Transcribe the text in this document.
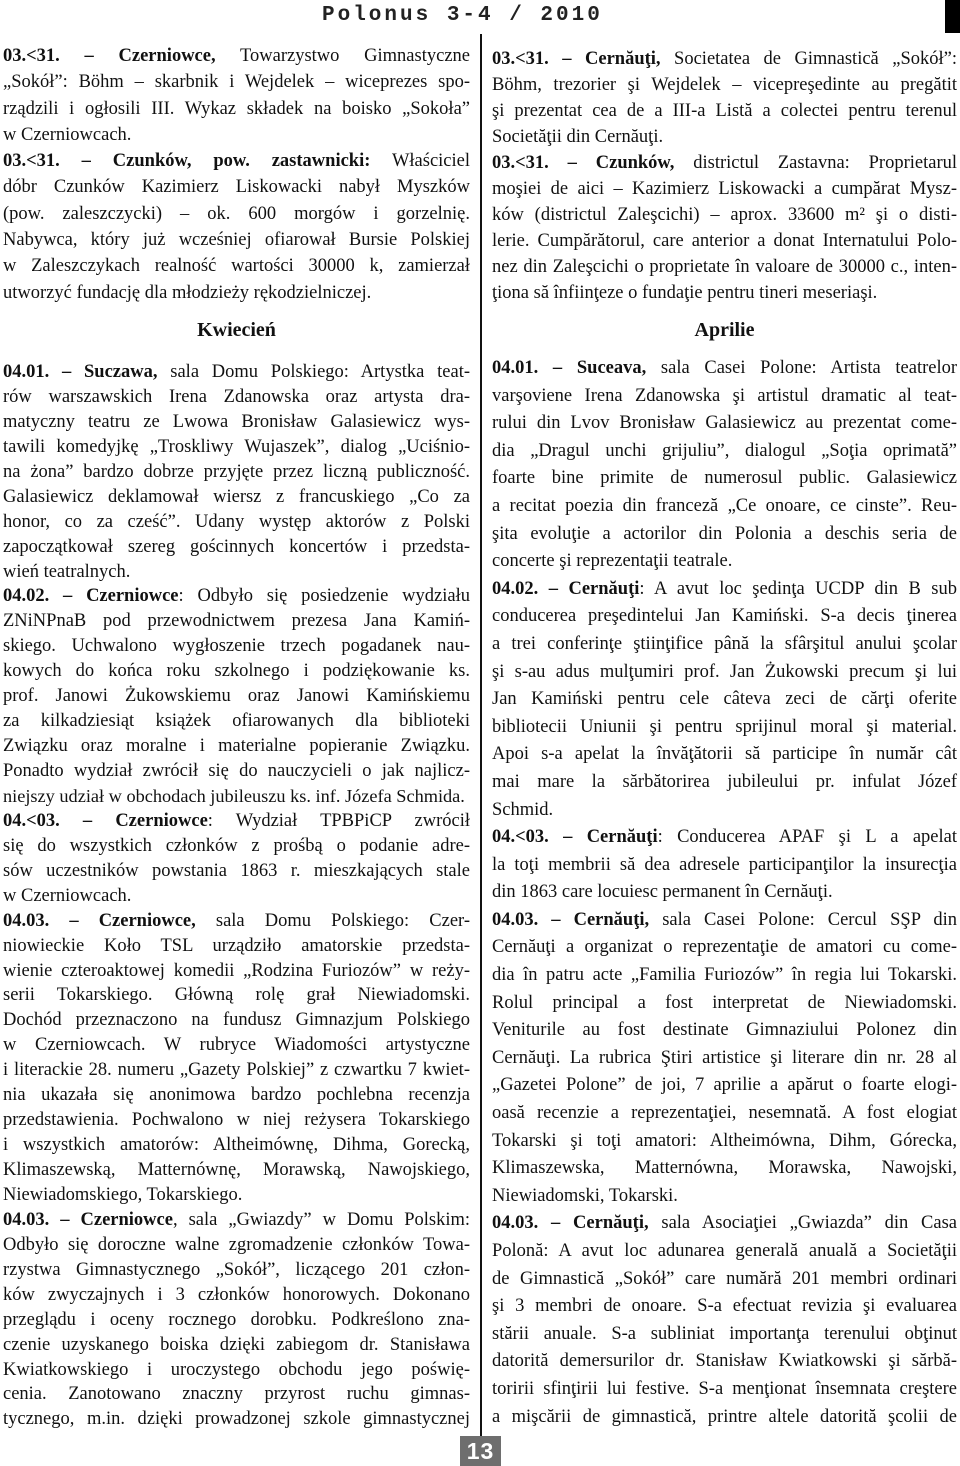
Polonus 3-4 / 2010
03.<31. – Czerniowce, Towarzystwo Gimnastyczne
„Sokół”: Böhm – skarbnik i Wejdelek – wiceprezes spo-
rządzili i ogłosili III. Wykaz składek na boisko „Sokoła”
w Czerniowcach.
03.<31. – Czunków, pow. zastawnicki: Właściciel
dóbr Czunków Kazimierz Liskowacki nabył Myszków
(pow. zaleszczycki) – ok. 600 morgów i gorzelnię.
Nabywca, który już wcześniej ofiarował Bursie Polskiej
w Zaleszczykach realność wartości 30000 k, zamierzał
utworzyć fundację dla młodzieży rękodzielniczej.
03.<31. – Cernăuţi, Societatea de Gimnastică „Sokół”:
Böhm, trezorier şi Wejdelek – vicepreşedinte au pregătit
şi prezentat cea de a III-a Listă a colectei pentru terenul
Societăţii din Cernăuţi.
03.<31. – Czunków, districtul Zastavna: Proprietarul
moşiei de aici – Kazimierz Liskowacki a cumpărat Mysz-
ków (districtul Zaleşcichi) – aprox. 33600 m² şi o disti-
lerie. Cumpărătorul, care anterior a donat Internatului Polo-
nez din Zaleşcichi o proprietate în valoare de 30000 c., inten-
ţiona să înfiinţeze o fundaţie pentru tineri meseriaşi.
Kwiecień	Aprilie
04.01. – Suczawa, sala Domu Polskiego: Artystka teat-
rów warszawskich Irena Zdanowska oraz artysta dra-
matyczny teatru ze Lwowa Bronisław Galasiewicz wys-
tawili komedyjkę „Troskliwy Wujaszek”, dialog „Uciśnio-
na żona” bardzo dobrze przyjęte przez liczną publiczność.
Galasiewicz deklamował wiersz z francuskiego „Co za
honor, co za cześć”. Udany występ aktorów z Polski
zapoczątkował szereg gościnnych koncertów i przedsta-
wień teatralnych.
04.02. – Czerniowce: Odbyło się posiedzenie wydziału
ZNiNPnaB pod przewodnictwem prezesa Jana Kamiń-
skiego. Uchwalono wygłoszenie trzech pogadanek nau-
kowych do końca roku szkolnego i podziękowanie ks.
prof. Janowi Żukowskiemu oraz Janowi Kamińskiemu
za kilkadziesiąt książek ofiarowanych dla biblioteki
Związku oraz moralne i materialne popieranie Związku.
Ponadto wydział zwrócił się do nauczycieli o jak najlicz-
niejszy udział w obchodach jubileuszu ks. inf. Józefa Schmida.
04.<03. – Czerniowce: Wydział TPBPiCP zwrócił
się do wszystkich członków z prośbą o podanie adre-
sów uczestników powstania 1863 r. mieszkających stale
w Czerniowcach.
04.03. – Czerniowce, sala Domu Polskiego: Czer-
niowieckie Koło TSL urządziło amatorskie przedsta-
wienie czteroaktowej komedii „Rodzina Furiozów” w reży-
serii Tokarskiego. Główną rolę grał Niewiadomski.
Dochód przeznaczono na fundusz Gimnazjum Polskiego
w Czerniowcach. W rubryce Wiadomości artystyczne
i literackie 28. numeru „Gazety Polskiej” z czwartku 7 kwiet-
nia ukazała się anonimowa bardzo pochlebna recenzja
przedstawienia. Pochwalono w niej reżysera Tokarskiego
i wszystkich amatorów: Altheimównę, Dihma, Gorecką,
Klimaszewską, Matternównę, Morawską, Nawojskiego,
Niewiadomskiego, Tokarskiego.
04.03. – Czerniowce, sala „Gwiazdy” w Domu Polskim:
Odbyło się doroczne walne zgromadzenie członków Towa-
rzystwa Gimnastycznego „Sokół”, liczącego 201 człon-
ków zwyczajnych i 3 członków honorowych. Dokonano
przeglądu i oceny rocznego dorobku. Podkreślono zna-
czenie uzyskanego boiska dzięki zabiegom dr. Stanisława
Kwiatkowskiego i uroczystego obchodu jego poświę-
cenia. Zanotowano znaczny przyrost ruchu gimnas-
tycznego, m.in. dzięki prowadzonej szkole gimnastycznej
04.01. – Suceava, sala Casei Polone: Artista teatrelor
varşoviene Irena Zdanowska şi artistul dramatic al teat-
rului din Lvov Bronisław Galasiewicz au prezentat come-
dia „Dragul unchi grijuliu”, dialogul „Soţia oprimată”
foarte bine primite de numerosul public. Galasiewicz
a recitat poezia din franceză „Ce onoare, ce cinste”. Reu-
şita evoluţie a actorilor din Polonia a deschis seria de
concerte şi reprezentaţii teatrale.
04.02. – Cernăuţi: A avut loc şedinţa UCDP din B sub
conducerea preşedintelui Jan Kamiński. S-a decis ţinerea
a trei conferinţe ştiinţifice până la sfârşitul anului şcolar
şi s-au adus mulţumiri prof. Jan Żukowski precum şi lui
Jan Kamiński pentru cele câteva zeci de cărţi oferite
bibliotecii Uniunii şi pentru sprijinul moral şi material.
Apoi s-a apelat la învăţătorii să participe în număr cât
mai mare la sărbătorirea jubileului pr. infulat Józef
Schmid.
04.<03. – Cernăuţi: Conducerea APAF şi L a apelat
la toţi membrii să dea adresele participanţilor la insurecţia
din 1863 care locuiesc permanent în Cernăuţi.
04.03. – Cernăuţi, sala Casei Polone: Cercul SŞP din
Cernăuţi a organizat o reprezentaţie de amatori cu come-
dia în patru acte „Familia Furiozów” în regia lui Tokarski.
Rolul principal a fost interpretat de Niewiadomski.
Veniturile au fost destinate Gimnaziului Polonez din
Cernăuţi. La rubrica Ştiri artistice şi literare din nr. 28 al
„Gazetei Polone” de joi, 7 aprilie a apărut o foarte elogi-
oasă recenzie a reprezentaţiei, nesemnată. A fost elogiat
Tokarski şi toţi amatori: Altheimówna, Dihm, Górecka,
Klimaszewska, Matternówna, Morawska, Nawojski,
Niewiadomski, Tokarski.
04.03. – Cernăuţi, sala Asociaţiei „Gwiazda” din Casa
Polonă: A avut loc adunarea generală anuală a Societăţii
de Gimnastică „Sokół” care numără 201 membri ordinari
şi 3 membri de onoare. S-a efectuat revizia şi evaluarea
stării anuale. S-a subliniat importanţa terenului obţinut
datorită demersurilor dr. Stanisław Kwiatkowski şi sărbă-
toririi sfinţirii lui festive. S-a menţionat însemnata creştere
a mişcării de gimnastică, printre altele datorită şcolii de
13
